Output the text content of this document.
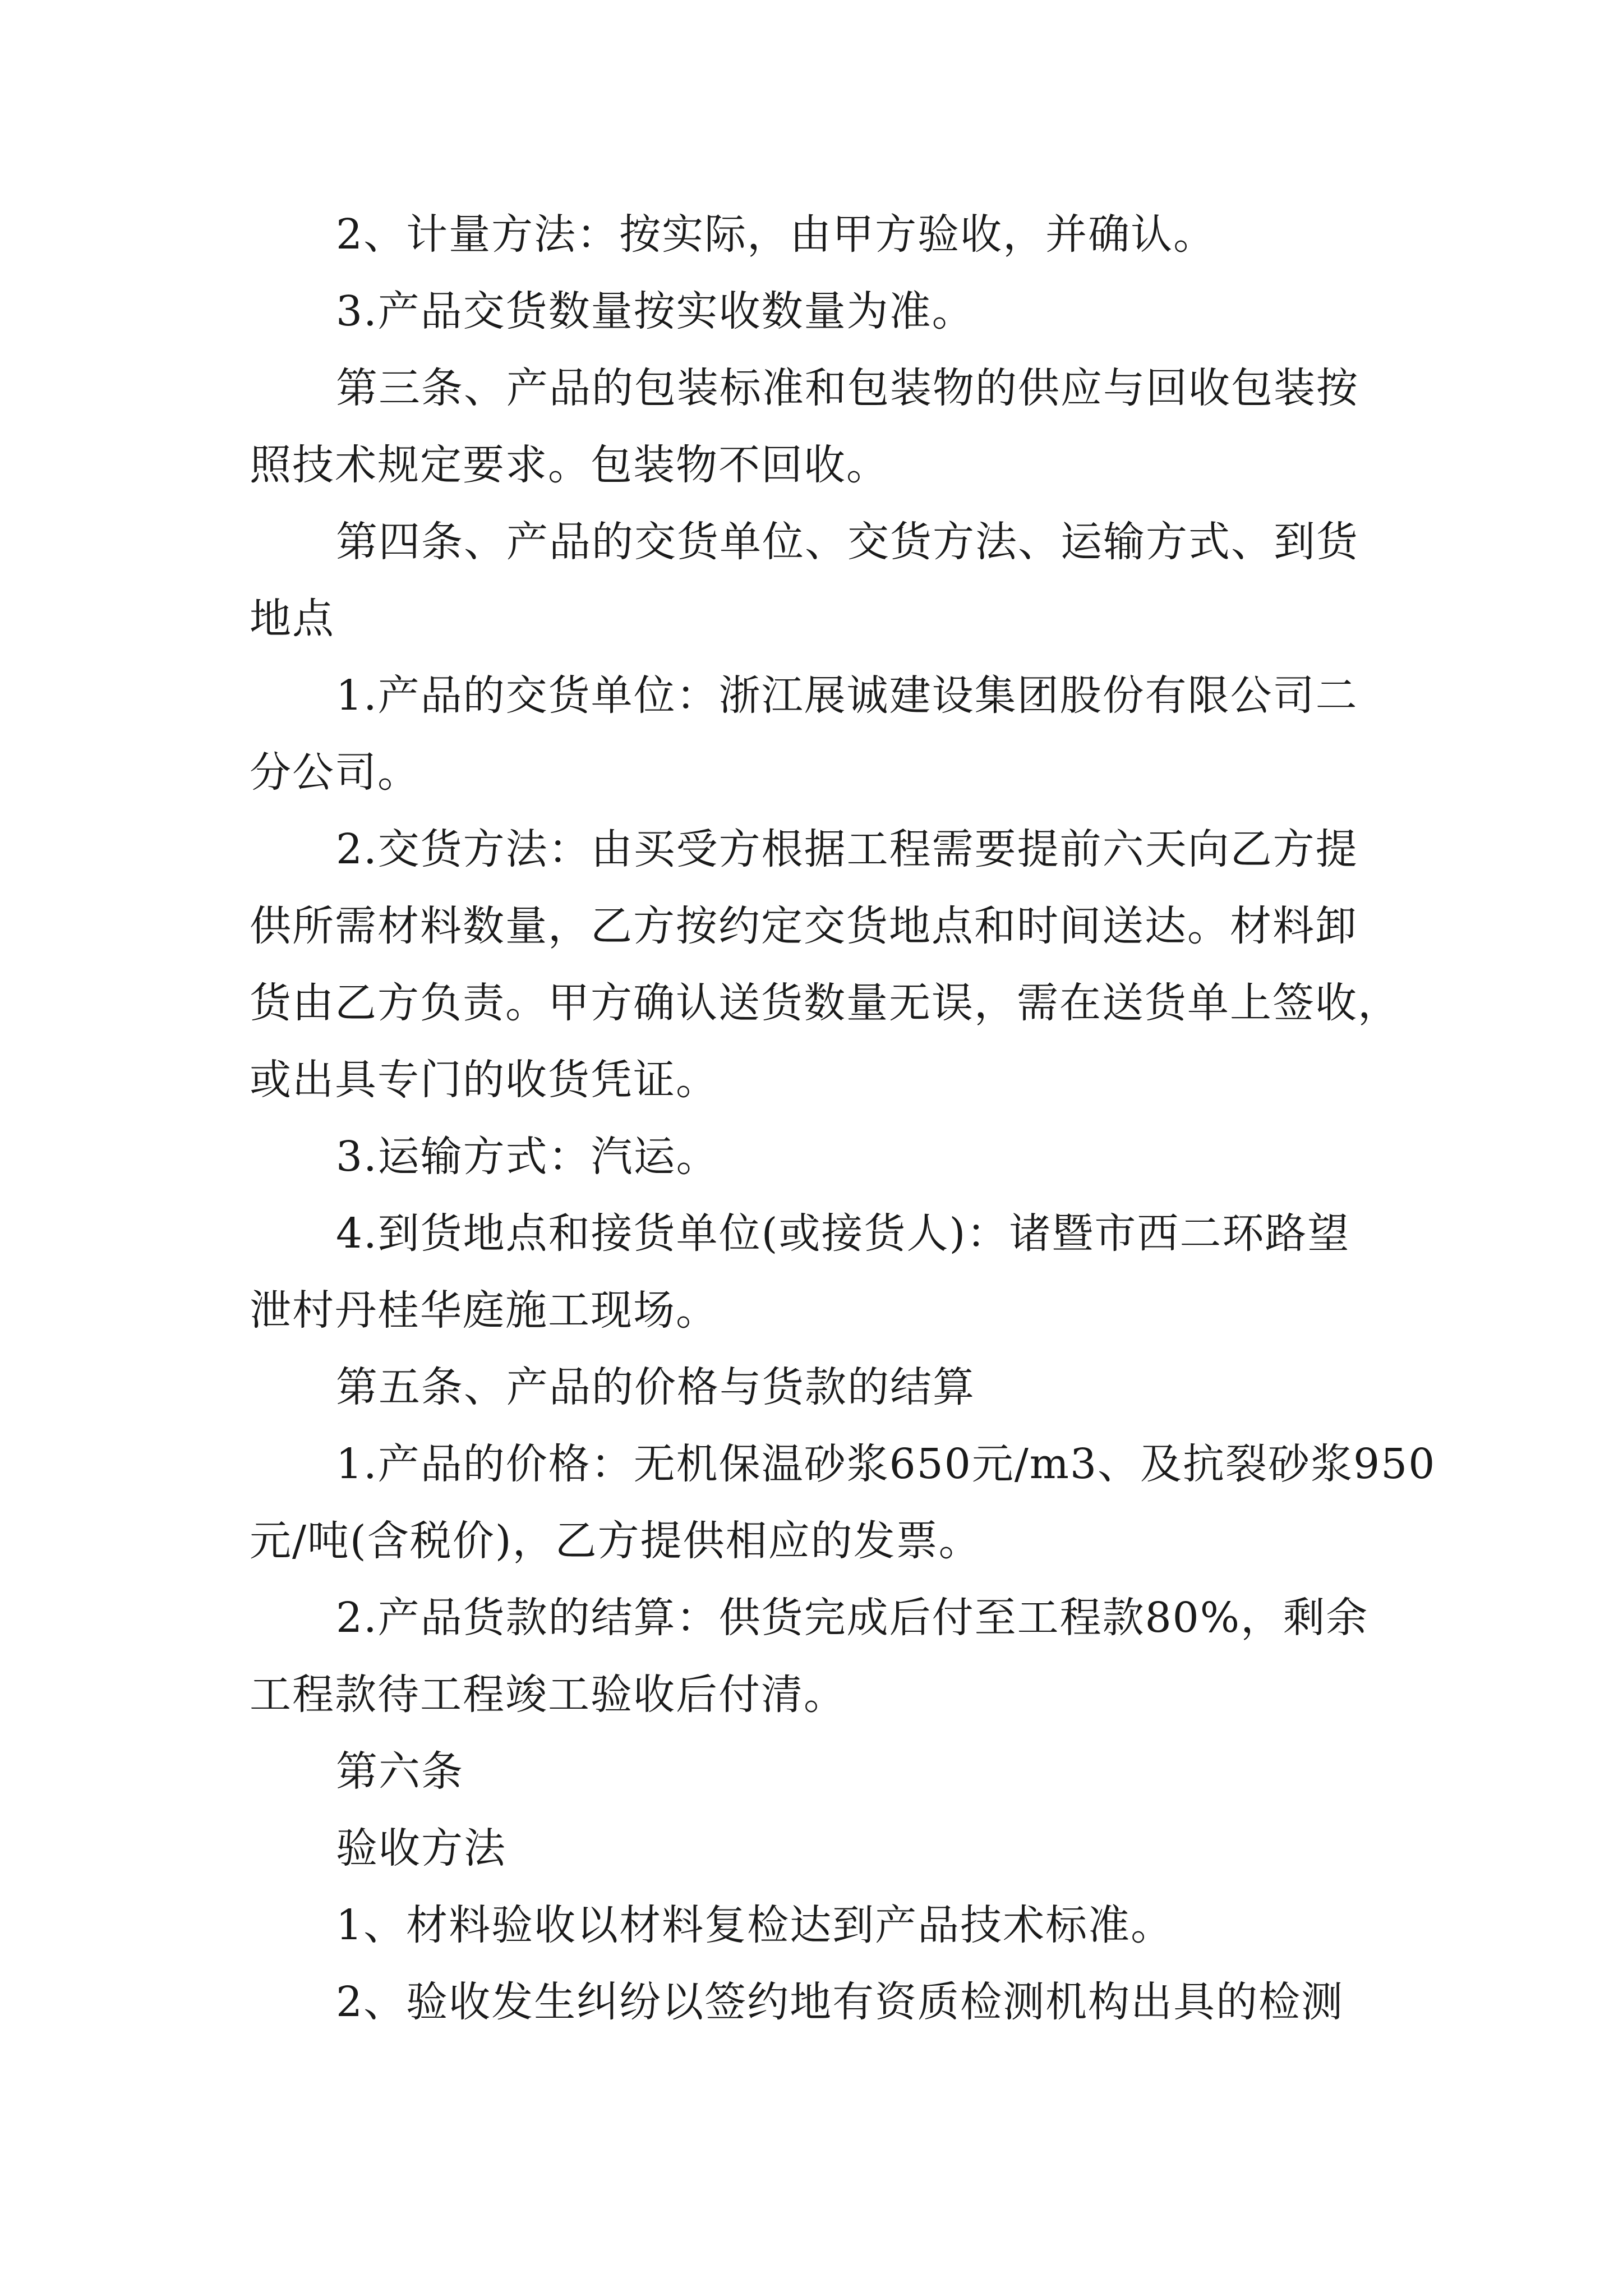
2、计量方法：按实际，由甲方验收，并确认。
3.产品交货数量按实收数量为准。
第三条、产品的包装标准和包装物的供应与回收包装按
照技术规定要求。包装物不回收。
第四条、产品的交货单位、交货方法、运输方式、到货
地点
1.产品的交货单位：浙江展诚建设集团股份有限公司二
分公司。
2.交货方法：由买受方根据工程需要提前六天向乙方提
供所需材料数量，乙方按约定交货地点和时间送达。材料卸
货由乙方负责。甲方确认送货数量无误，需在送货单上签收，
或出具专门的收货凭证。
3.运输方式：汽运。
4.到货地点和接货单位(或接货人)：诸暨市西二环路望
泄村丹桂华庭施工现场。
第五条、产品的价格与货款的结算
1.产品的价格：无机保温砂浆650元/m3、及抗裂砂浆950
元/吨(含税价)，乙方提供相应的发票。
2.产品货款的结算：供货完成后付至工程款80%，剩余
工程款待工程竣工验收后付清。
第六条
验收方法
1、材料验收以材料复检达到产品技术标准。
2、验收发生纠纷以签约地有资质检测机构出具的检测
